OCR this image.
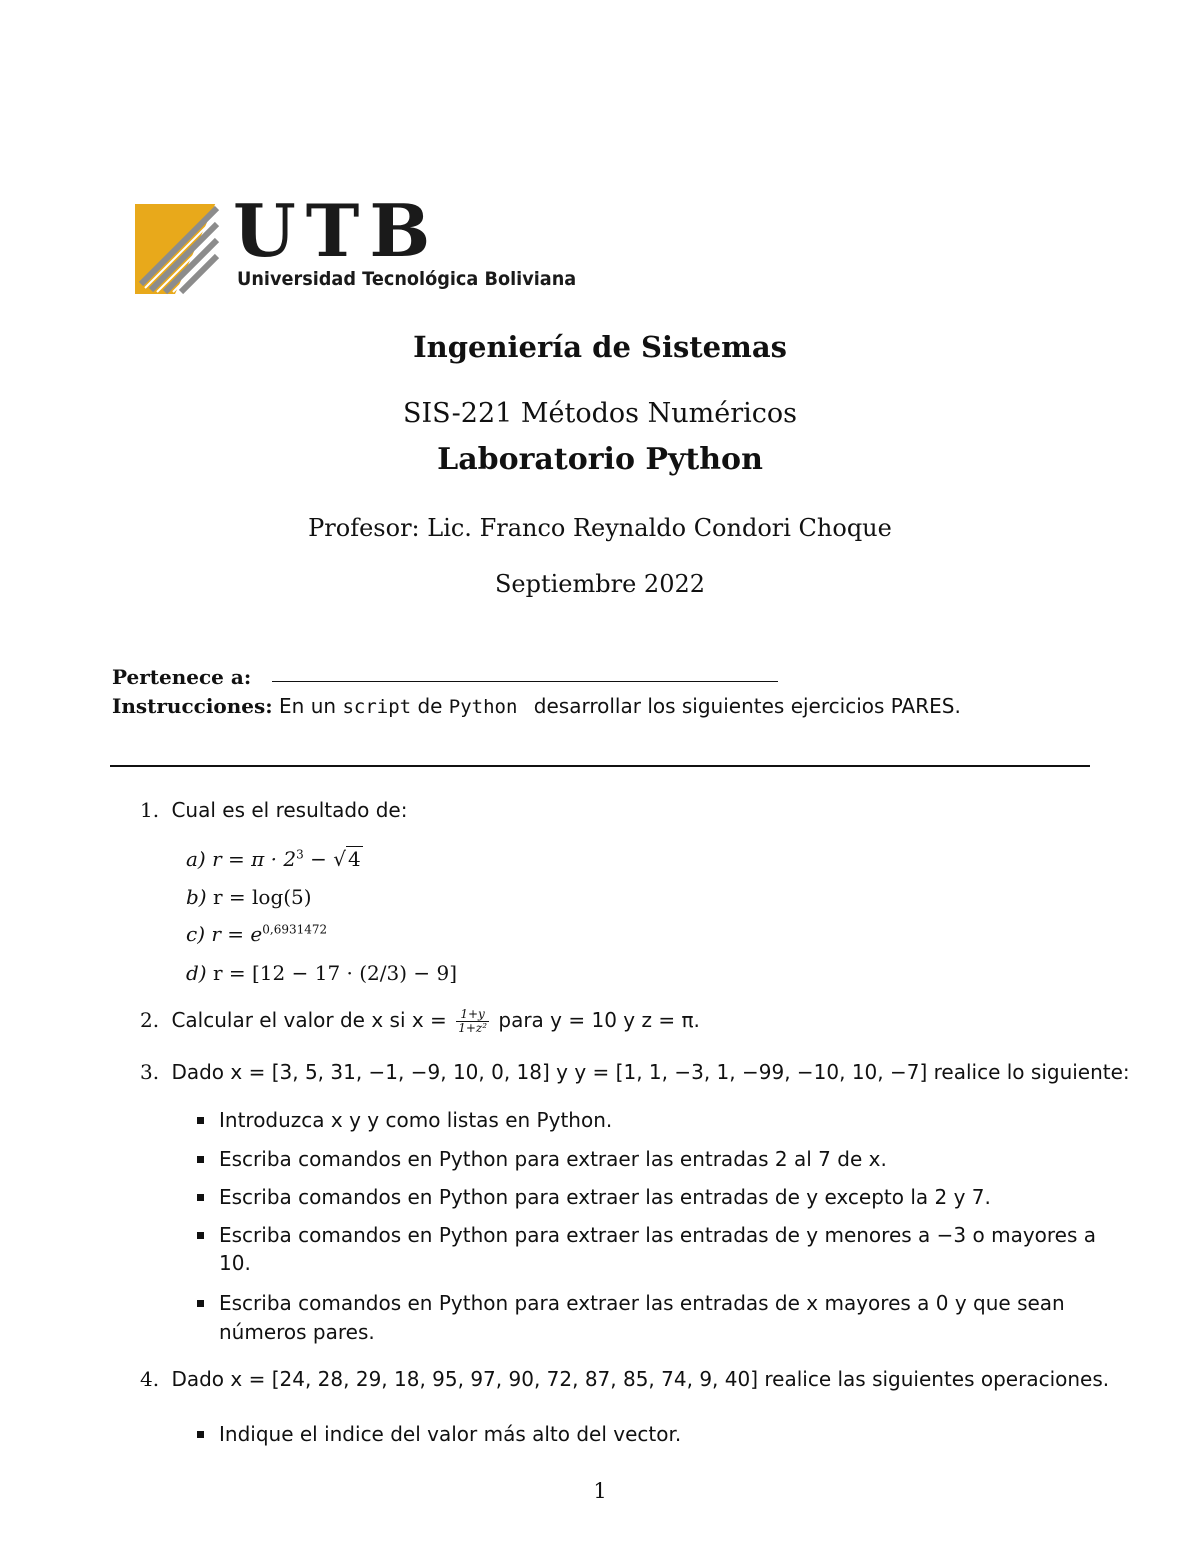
UTB
Universidad Tecnológica Boliviana
Ingeniería de Sistemas
SIS-221 Métodos Numéricos
Laboratorio Python
Profesor: Lic. Franco Reynaldo Condori Choque
Septiembre 2022
Pertenece a:
Instrucciones: En un script de Python desarrollar los siguientes ejercicios PARES.
1. Cual es el resultado de:
a) $r = \pi \cdot 2^3$ − √ 4
b) r = log(5)
c) $r = e^{0,6931472}$
d) r = [12 − 17 · (2/3) − 9]
2. Calcular el valor de x si $x = \frac{1+y}{\text{1+z²}}$ para y = 10 y z = π.
3. Dado x = [3, 5, 31, −1, −9, 10, 0, 18] y y = [1, 1, −3, 1, −99, −10, 10, −7] realice lo siguiente:
Introduzca x y y como listas en Python.
Escriba comandos en Python para extraer las entradas 2 al 7 de x.
Escriba comandos en Python para extraer las entradas de y excepto la 2 y 7.
Escriba comandos en Python para extraer las entradas de y menores a −3 o mayores a
10.
Escriba comandos en Python para extraer las entradas de x mayores a 0 y que sean
números pares.
4. Dado x = [24, 28, 29, 18, 95, 97, 90, 72, 87, 85, 74, 9, 40] realice las siguientes operaciones.
Indique el indice del valor más alto del vector.
1
